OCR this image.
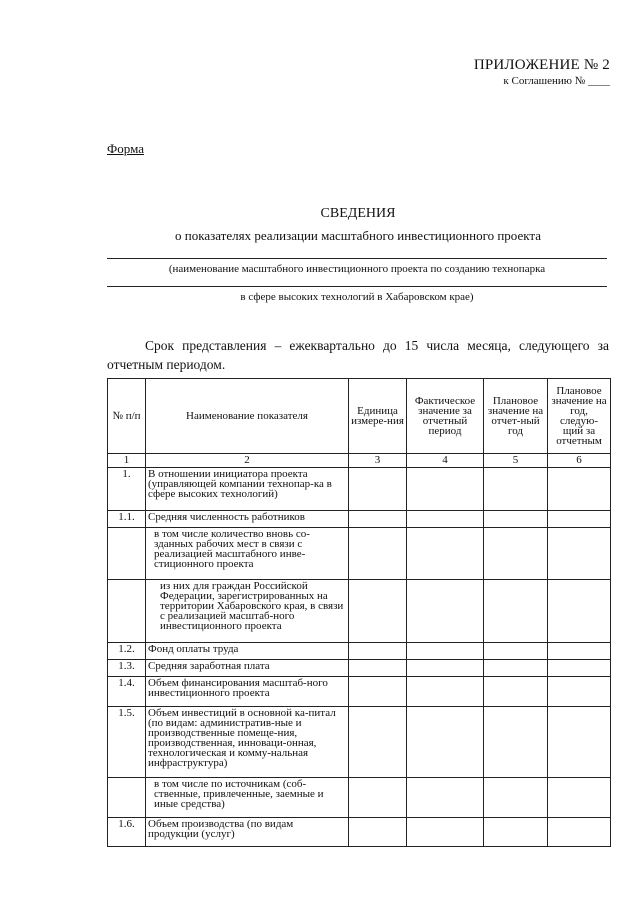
ПРИЛОЖЕНИЕ № 2
к Соглашению № ____
Форма
СВЕДЕНИЯ
о показателях реализации масштабного инвестиционного проекта
(наименование масштабного инвестиционного проекта по созданию технопарка
в сфере высоких технологий в Хабаровском крае)
Срок представления – ежеквартально до 15 числа месяца, следующего за отчетным периодом.
№ п/п	Наименование показателя	Единица измере-ния	Фактическое значение за отчетный период	Плановое значение на отчет-ный год	Плановое значение на год, следую-щий за отчетным
1	2	3	4	5	6
1.	В отношении инициатора проекта (управляющей компании технопар-ка в сфере высоких технологий)				
1.1.	Средняя численность работников				
	в том числе количество вновь со-зданных рабочих мест в связи с реализацией масштабного инве-стиционного проекта				
	из них для граждан Российской Федерации, зарегистрированных на территории Хабаровского края, в связи с реализацией масштаб-ного инвестиционного проекта				
1.2.	Фонд оплаты труда				
1.3.	Средняя заработная плата				
1.4.	Объем финансирования масштаб-ного инвестиционного проекта				
1.5.	Объем инвестиций в основной ка-питал (по видам: административ-ные и производственные помеще-ния, производственная, инноваци-онная, технологическая и комму-нальная инфраструктура)				
	в том числе по источникам (соб-ственные, привлеченные, заемные и иные средства)				
1.6.	Объем производства (по видам продукции (услуг)				
